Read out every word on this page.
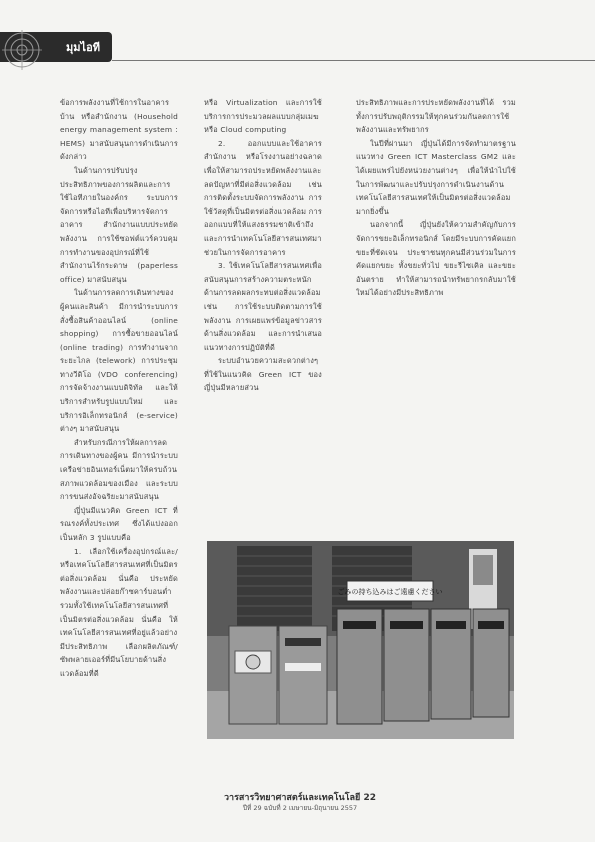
มุมไอที

ข้อการพลังงานที่ใช้การในอาคาร บ้าน หรือสำนักงาน (Household energy management system : HEMS) มาสนับสนุนการดำเนินการดังกล่าว

ในด้านการปรับปรุงประสิทธิภาพของการผลิตและการใช้ไอทีภายในองค์กร ระบบการจัดการหรือไอทีเพื่อบริหารจัดการอาคาร สำนักงานแบบประหยัดพลังงาน การใช้ซอฟต์แวร์ควบคุมการทำงานของอุปกรณ์ที่ใช้สำนักงานไร้กระดาษ (paperless office) มาสนับสนุน

ในด้านการลดการเดินทางของผู้คนและสินค้า มีการนำระบบการสั่งซื้อสินค้าออนไลน์ (online shopping) การซื้อขายออนไลน์ (online trading) การทำงานจากระยะไกล (telework) การประชุมทางวีดิโอ (VDO conferencing) การจัดจ้างงานแบบดิจิทัล และให้บริการสำหรับรูปแบบใหม่ และบริการอิเล็กทรอนิกส์ (e-service) ต่างๆ มาสนับสนุน

สำหรับกรณีการให้ผลการลดการเดินทางของผู้คน มีการนำระบบเครือข่ายอินเทอร์เน็ตมาให้ครบถ้วน สภาพแวดล้อมของเมือง และระบบการขนส่งอัจฉริยะมาสนับสนุน

ญี่ปุ่นมีแนวคิด Green ICT ที่รณรงค์ทั้งประเทศ ซึ่งได้แบ่งออกเป็นหลัก 3 รูปแบบคือ

1. เลือกใช้เครื่องอุปกรณ์และ/หรือเทคโนโลยีสารสนเทศที่เป็นมิตรต่อสิ่งแวดล้อม นั่นคือ ประหยัดพลังงานและปล่อยก๊าซคาร์บอนต่ำ รวมทั้งใช้เทคโนโลยีสารสนเทศที่เป็นมิตรต่อสิ่งแวดล้อม นั่นคือ ให้เทคโนโลยีสารสนเทศที่อยู่แล้วอย่างมีประสิทธิภาพ เลือกผลิตภัณฑ์/ซัพพลายเออร์ที่มีนโยบายด้านสิ่งแวดล้อมที่ดี

หรือ Virtualization และการใช้บริการการประมวลผลแบบกลุ่มเมฆหรือ Cloud computing

2. ออกแบบและใช้อาคารสำนักงาน หรือโรงงานอย่างฉลาด เพื่อให้สามารถประหยัดพลังงานและลดปัญหาที่มีต่อสิ่งแวดล้อม เช่น การติดตั้งระบบจัดการพลังงาน การใช้วัสดุที่เป็นมิตรต่อสิ่งแวดล้อม การออกแบบที่ให้แสงธรรมชาติเข้าถึง และการนำเทคโนโลยีสารสนเทศมาช่วยในการจัดการอาคาร

3. ใช้เทคโนโลยีสารสนเทศเพื่อสนับสนุนการสร้างความตระหนักด้านการลดผลกระทบต่อสิ่งแวดล้อม เช่น การใช้ระบบติดตามการใช้พลังงาน การเผยแพร่ข้อมูลข่าวสารด้านสิ่งแวดล้อม และการนำเสนอแนวทางการปฏิบัติที่ดี

ระบบอำนวยความสะดวกต่างๆ ที่ใช้ในแนวคิด Green ICT ของญี่ปุ่นมีหลายส่วน

ประสิทธิภาพและการประหยัดพลังงานที่ได้ รวมทั้งการปรับพฤติกรรมให้ทุกคนร่วมกันลดการใช้พลังงานและทรัพยากร

ในปีที่ผ่านมา ญี่ปุ่นได้มีการจัดทำมาตรฐานแนวทาง Green ICT Masterclass GM2 และได้เผยแพร่ไปยังหน่วยงานต่างๆ เพื่อให้นำไปใช้ในการพัฒนาและปรับปรุงการดำเนินงานด้านเทคโนโลยีสารสนเทศให้เป็นมิตรต่อสิ่งแวดล้อมมากยิ่งขึ้น

นอกจากนี้ ญี่ปุ่นยังให้ความสำคัญกับการจัดการขยะอิเล็กทรอนิกส์ โดยมีระบบการคัดแยกขยะที่ชัดเจน ประชาชนทุกคนมีส่วนร่วมในการคัดแยกขยะ ทั้งขยะทั่วไป ขยะรีไซเคิล และขยะอันตราย ทำให้สามารถนำทรัพยากรกลับมาใช้ใหม่ได้อย่างมีประสิทธิภาพ

ごみの持ち込みはご遠慮ください
วารสารวิทยาศาสตร์และเทคโนโลยี 22
ปีที่ 29 ฉบับที่ 2 เมษายน-มิถุนายน 2557
